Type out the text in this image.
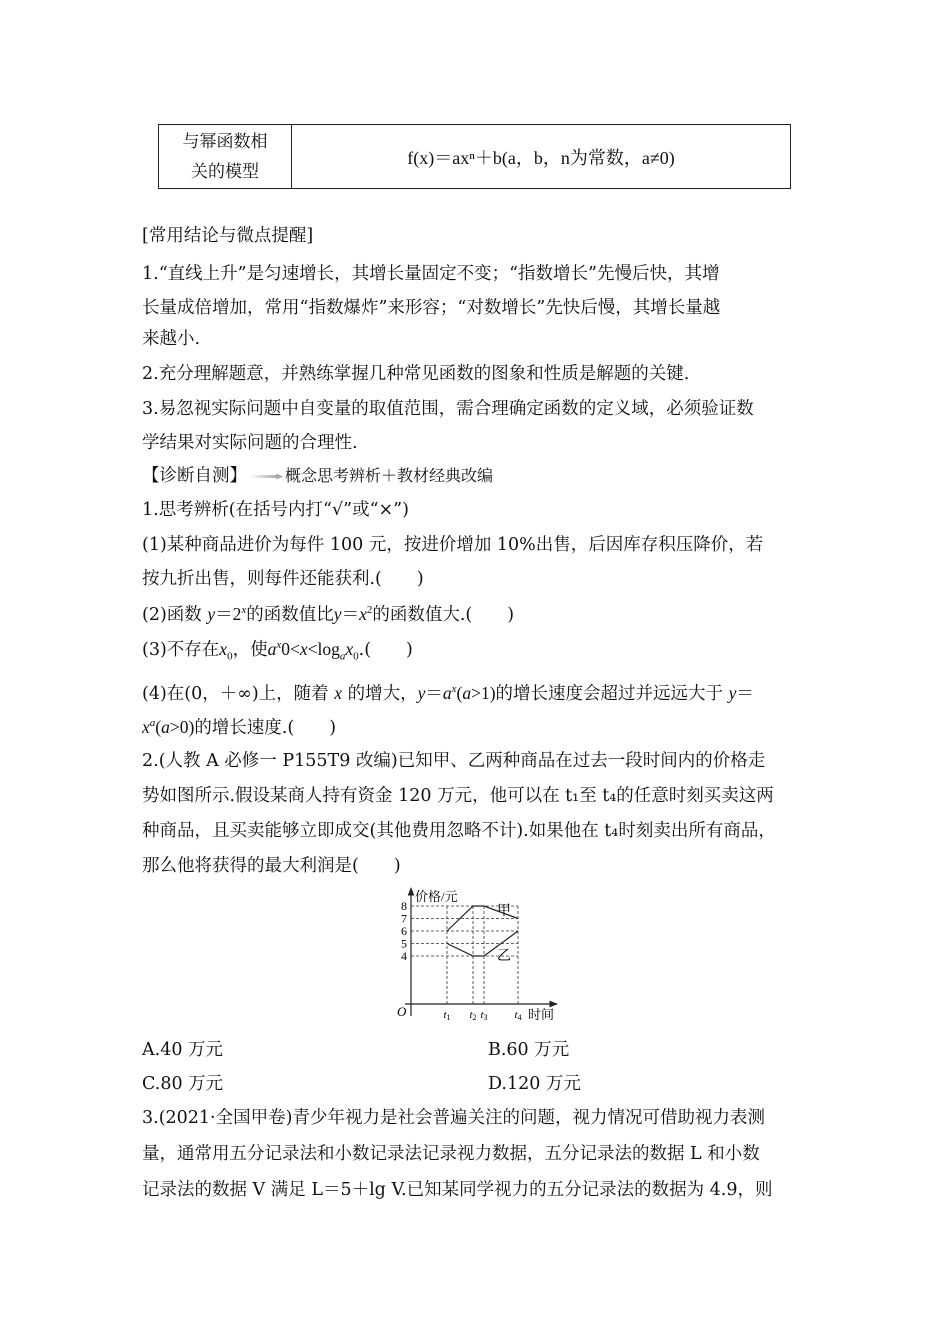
与幂函数相
关的模型
	f(x)＝axⁿ＋b(a，b，n为常数，a≠0)
[常用结论与微点提醒]
1.“直线上升”是匀速增长，其增长量固定不变；“指数增长”先慢后快，其增
长量成倍增加，常用“指数爆炸”来形容；“对数增长”先快后慢，其增长量越
来越小.
2.充分理解题意，并熟练掌握几种常见函数的图象和性质是解题的关键.
3.易忽视实际问题中自变量的取值范围，需合理确定函数的定义域，必须验证数
学结果对实际问题的合理性.
【诊断自测】 概念思考辨析＋教材经典改编
1.思考辨析(在括号内打“√”或“×”)
(1)某种商品进价为每件 100 元，按进价增加 10%出售，后因库存积压降价，若
按九折出售，则每件还能获利.(　　)
(2)函数 $y=2^x$的函数值比$y=x^2$的函数值大.(　　)
(3)不存在$x_0$，使$a^x0<x<\log_ax_0$.(　　)
(4)在(0，＋∞)上，随着 x 的增大，$y=a^x(a>1)$的增长速度会超过并远远大于 y＝
$x^a(a>0)$的增长速度.(　　)
2.(人教 A 必修一 P155T9 改编)已知甲、乙两种商品在过去一段时间内的价格走
势如图所示.假设某商人持有资金 120 万元，他可以在 t₁至 t₄的任意时刻买卖这两
种商品，且买卖能够立即成交(其他费用忽略不计).如果他在 t₄时刻卖出所有商品，
那么他将获得的最大利润是(　　)
价格/元
时间
O
4
5
6
7
8
t1 t2 t3 t4
甲
乙
A.40 万元	B.60 万元
C.80 万元	D.120 万元
3.(2021·全国甲卷)青少年视力是社会普遍关注的问题，视力情况可借助视力表测
量，通常用五分记录法和小数记录法记录视力数据，五分记录法的数据 L 和小数
记录法的数据 V 满足 L＝5＋lg V.已知某同学视力的五分记录法的数据为 4.9，则
